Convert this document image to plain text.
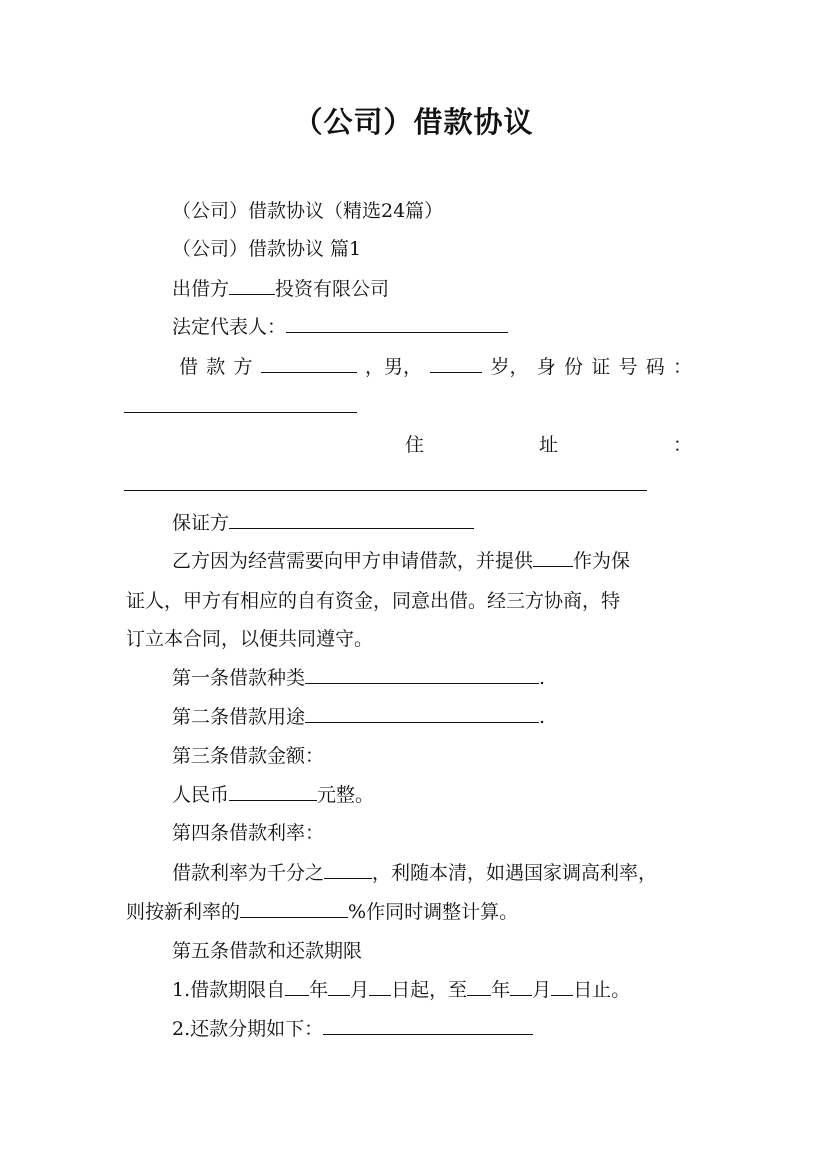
（公司）借款协议

（公司）借款协议（精选24篇）

（公司）借款协议 篇1

出借方 投资有限公司

法定代表人：

借 款 方	，男，	岁， 身 份 证 号 码 ：
住	址	：

保证方

乙方因为经营需要向甲方申请借款，并提供 作为保

证人，甲方有相应的自有资金，同意出借。经三方协商，特

订立本合同，以便共同遵守。

第一条借款种类	.

第二条借款用途	.

第三条借款金额：

人民币	元整。

第四条借款利率：

借款利率为千分之	，利随本清，如遇国家调高利率，

则按新利率的	%作同时调整计算。

第五条借款和还款期限

1.借款期限自 年 月 日起，至 年 月 日止。

2.还款分期如下：
